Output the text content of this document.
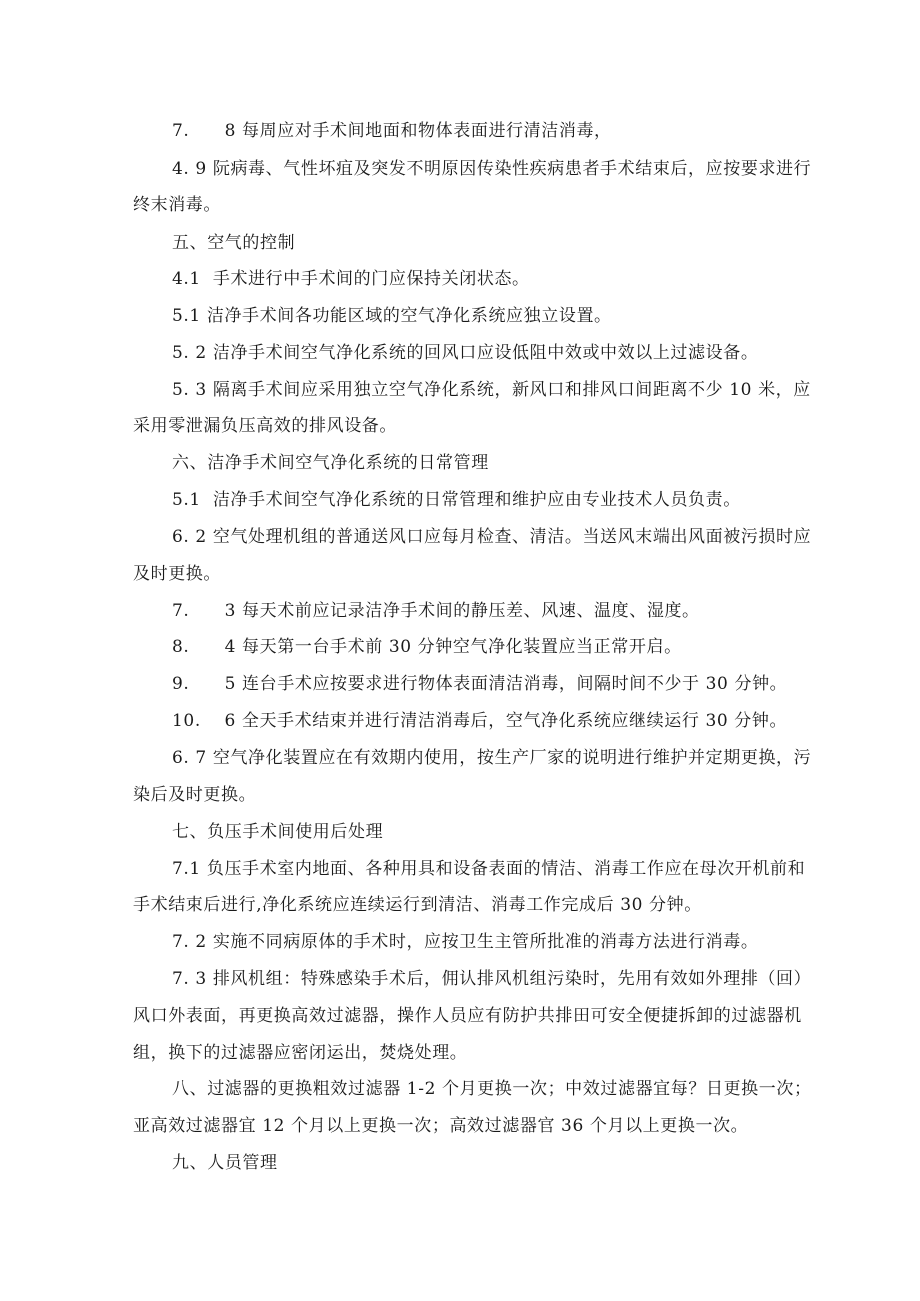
7.　　8 每周应对手术间地面和物体表面进行清洁消毒，
4. 9 阮病毒、气性坏疽及突发不明原因传染性疾病患者手术结束后，应按要求进行
终末消毒。
五、空气的控制
4.1  手术进行中手术间的门应保持关闭状态。
5.1 洁净手术间各功能区域的空气净化系统应独立设置。
5. 2 洁净手术间空气净化系统的回风口应设低阻中效或中效以上过滤设备。
5. 3 隔离手术间应采用独立空气净化系统，新风口和排风口间距离不少 10 米，应
采用零泄漏负压高效的排风设备。
六、洁净手术间空气净化系统的日常管理
5.1  洁净手术间空气净化系统的日常管理和维护应由专业技术人员负责。
6. 2 空气处理机组的普通送风口应每月检查、清洁。当送风末端出风面被污损时应
及时更换。
7.　　3 每天术前应记录洁净手术间的静压差、风速、温度、湿度。
8.　　4 每天第一台手术前 30 分钟空气净化装置应当正常开启。
9.　　5 连台手术应按要求进行物体表面清洁消毒，间隔时间不少于 30 分钟。
10.　 6 全天手术结束并进行清洁消毒后，空气净化系统应继续运行 30 分钟。
6. 7 空气净化装置应在有效期内使用，按生产厂家的说明进行维护并定期更换，污
染后及时更换。
七、负压手术间使用后处理
7.1 负压手术室内地面、各种用具和设备表面的情洁、消毒工作应在母次开机前和
手术结束后进行,净化系统应连续运行到清洁、消毒工作完成后 30 分钟。
7. 2 实施不同病原体的手术时，应按卫生主管所批准的消毒方法进行消毒。
7. 3 排风机组：特殊感染手术后，佣认排风机组污染时，先用有效如外理排（回）
风口外表面，再更换高效过滤器，操作人员应有防护共排田可安全便捷拆卸的过滤器机
组，换下的过滤器应密闭运出，焚烧处理。
八、过滤器的更换粗效过滤器 1-2 个月更换一次；中效过滤器宜每？日更换一次；
亚高效过滤器宜 12 个月以上更换一次；高效过滤器官 36 个月以上更换一次。
九、人员管理
